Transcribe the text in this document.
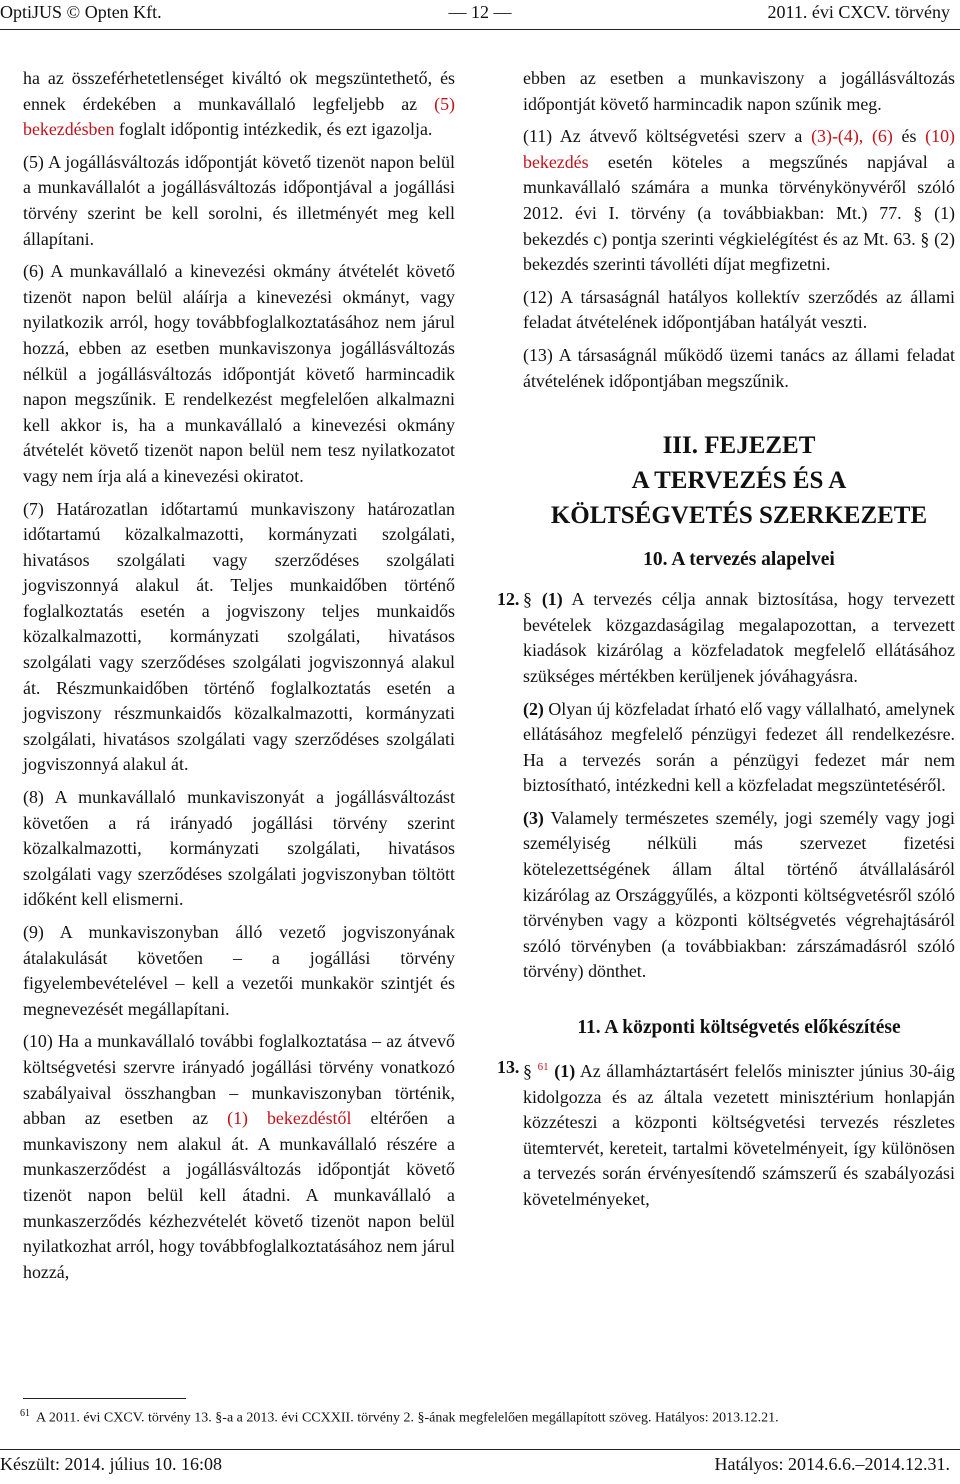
OptiJUS © Opten Kft.	— 12 —	2011. évi CXCV. törvény

ha az összeférhetetlenséget kiváltó ok megszüntethető, és ennek érdekében a munkavállaló legfeljebb az (5) bekezdésben foglalt időpontig intézkedik, és ezt igazolja.

(5) A jogállásváltozás időpontját követő tizenöt napon belül a munkavállalót a jogállásváltozás időpontjával a jogállási törvény szerint be kell sorolni, és illetményét meg kell állapítani.

(6) A munkavállaló a kinevezési okmány átvételét követő tizenöt napon belül aláírja a kinevezési okmányt, vagy nyilatkozik arról, hogy továbbfoglalkoztatásához nem járul hozzá, ebben az esetben munkaviszonya jogállásváltozás nélkül a jogállásváltozás időpontját követő harmincadik napon megszűnik. E rendelkezést megfelelően alkalmazni kell akkor is, ha a munkavállaló a kinevezési okmány átvételét követő tizenöt napon belül nem tesz nyilatkozatot vagy nem írja alá a kinevezési okiratot.

(7) Határozatlan időtartamú munkaviszony határozatlan időtartamú közalkalmazotti, kormányzati szolgálati, hivatásos szolgálati vagy szerződéses szolgálati jogviszonnyá alakul át. Teljes munkaidőben történő foglalkoztatás esetén a jogviszony teljes munkaidős közalkalmazotti, kormányzati szolgálati, hivatásos szolgálati vagy szerződéses szolgálati jogviszonnyá alakul át. Részmunkaidőben történő foglalkoztatás esetén a jogviszony részmunkaidős közalkalmazotti, kormányzati szolgálati, hivatásos szolgálati vagy szerződéses szolgálati jogviszonnyá alakul át.

(8) A munkavállaló munkaviszonyát a jogállásváltozást követően a rá irányadó jogállási törvény szerint közalkalmazotti, kormányzati szolgálati, hivatásos szolgálati vagy szerződéses szolgálati jogviszonyban töltött időként kell elismerni.

(9) A munkaviszonyban álló vezető jogviszonyának átalakulását követően – a jogállási törvény figyelembevételével – kell a vezetői munkakör szintjét és megnevezését megállapítani.

(10) Ha a munkavállaló további foglalkoztatása – az átvevő költségvetési szervre irányadó jogállási törvény vonatkozó szabályaival összhangban – munkaviszonyban történik, abban az esetben az (1) bekezdéstől eltérően a munkaviszony nem alakul át. A munkavállaló részére a munkaszerződést a jogállásváltozás időpontját követő tizenöt napon belül kell átadni. A munkavállaló a munkaszerződés kézhezvételét követő tizenöt napon belül nyilatkozhat arról, hogy továbbfoglalkoztatásához nem járul hozzá,

ebben az esetben a munkaviszony a jogállásváltozás időpontját követő harmincadik napon szűnik meg.

(11) Az átvevő költségvetési szerv a (3)-(4), (6) és (10) bekezdés esetén köteles a megszűnés napjával a munkavállaló számára a munka törvénykönyvéről szóló 2012. évi I. törvény (a továbbiakban: Mt.) 77. § (1) bekezdés c) pontja szerinti végkielégítést és az Mt. 63. § (2) bekezdés szerinti távolléti díjat megfizetni.

(12) A társaságnál hatályos kollektív szerződés az állami feladat átvételének időpontjában hatályát veszti.

(13) A társaságnál működő üzemi tanács az állami feladat átvételének időpontjában megszűnik.

III. FEJEZET
A TERVEZÉS ÉS A
KÖLTSÉGVETÉS SZERKEZETE
10. A tervezés alapelvei

12. § (1) A tervezés célja annak biztosítása, hogy tervezett bevételek közgazdaságilag megalapozottan, a tervezett kiadások kizárólag a közfeladatok megfelelő ellátásához szükséges mértékben kerüljenek jóváhagyásra.

(2) Olyan új közfeladat írható elő vagy vállalható, amelynek ellátásához megfelelő pénzügyi fedezet áll rendelkezésre. Ha a tervezés során a pénzügyi fedezet már nem biztosítható, intézkedni kell a közfeladat megszüntetéséről.

(3) Valamely természetes személy, jogi személy vagy jogi személyiség nélküli más szervezet fizetési kötelezettségének állam által történő átvállalásáról kizárólag az Országgyűlés, a központi költségvetésről szóló törvényben vagy a központi költségvetés végrehajtásáról szóló törvényben (a továbbiakban: zárszámadásról szóló törvény) dönthet.

11. A központi költségvetés előkészítése

13. § $^{61}$ (1) Az államháztartásért felelős miniszter június 30-áig kidolgozza és az általa vezetett minisztérium honlapján közzéteszi a központi költségvetési tervezés részletes ütemtervét, kereteit, tartalmi követelményeit, így különösen a tervezés során érvényesítendő számszerű és szabályozási követelményeket,

$^{61}$ A 2011. évi CXCV. törvény 13. §-a a 2013. évi CCXXII. törvény 2. §-ának megfelelően megállapított szöveg. Hatályos: 2013.12.21.
Készült: 2014. július 10. 16:08	Hatályos: 2014.6.6.–2014.12.31.
